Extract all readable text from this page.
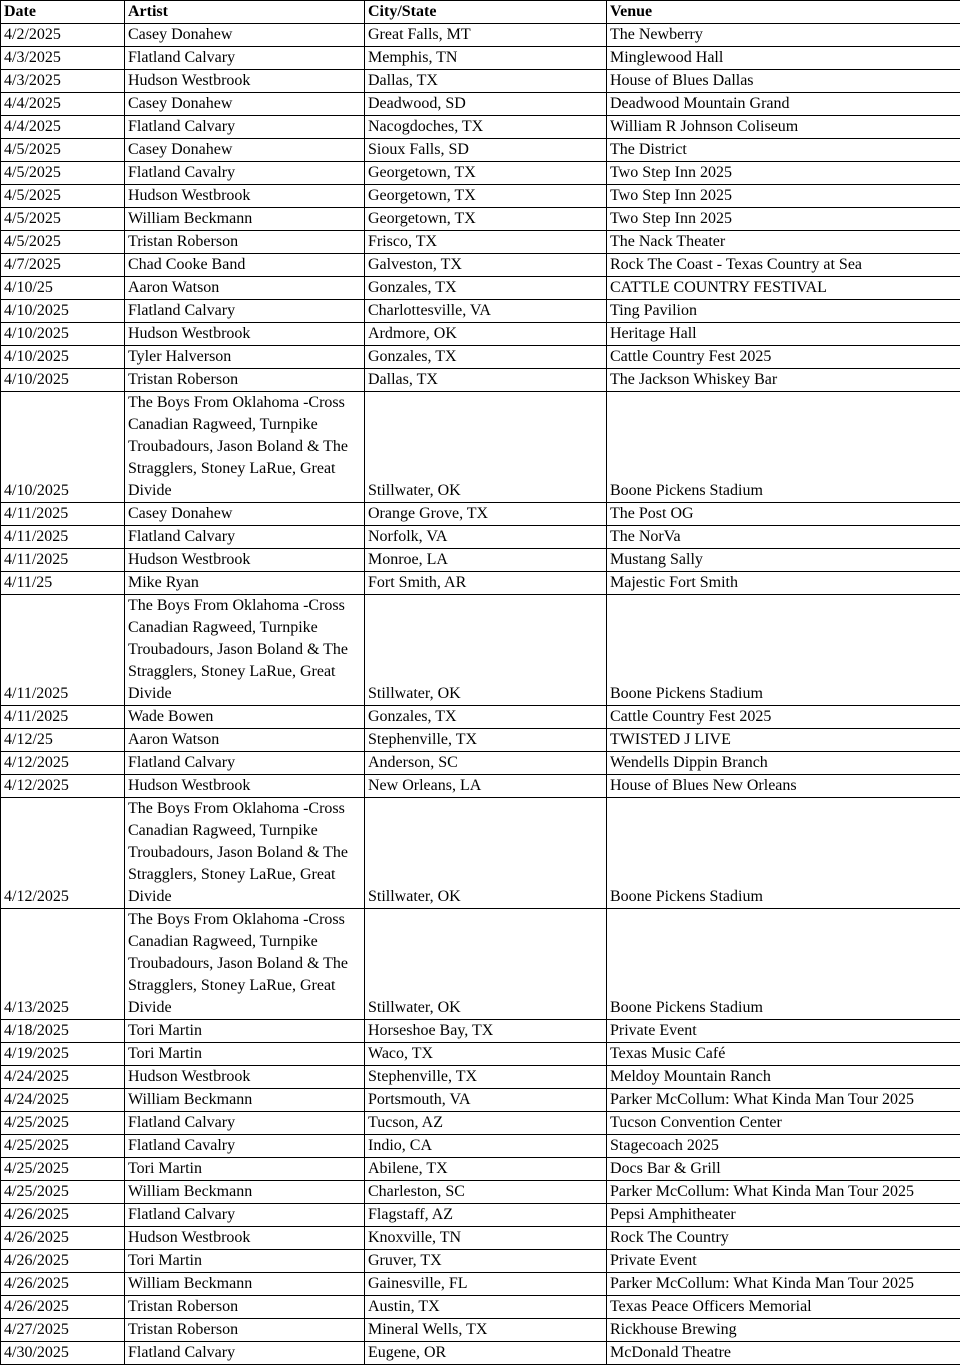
Date	Artist	City/State	Venue
4/2/2025	Casey Donahew	Great Falls, MT	The Newberry
4/3/2025	Flatland Calvary	Memphis, TN	Minglewood Hall
4/3/2025	Hudson Westbrook	Dallas, TX	House of Blues Dallas
4/4/2025	Casey Donahew	Deadwood, SD	Deadwood Mountain Grand
4/4/2025	Flatland Calvary	Nacogdoches, TX	William R Johnson Coliseum
4/5/2025	Casey Donahew	Sioux Falls, SD	The District
4/5/2025	Flatland Cavalry	Georgetown, TX	Two Step Inn 2025
4/5/2025	Hudson Westbrook	Georgetown, TX	Two Step Inn 2025
4/5/2025	William Beckmann	Georgetown, TX	Two Step Inn 2025
4/5/2025	Tristan Roberson	Frisco, TX	The Nack Theater
4/7/2025	Chad Cooke Band	Galveston, TX	Rock The Coast - Texas Country at Sea
4/10/25	Aaron Watson	Gonzales, TX	CATTLE COUNTRY FESTIVAL
4/10/2025	Flatland Calvary	Charlottesville, VA	Ting Pavilion
4/10/2025	Hudson Westbrook	Ardmore, OK	Heritage Hall
4/10/2025	Tyler Halverson	Gonzales, TX	Cattle Country Fest 2025
4/10/2025	Tristan Roberson	Dallas, TX	The Jackson Whiskey Bar
4/10/2025	The Boys From Oklahoma -Cross Canadian Ragweed, Turnpike Troubadours, Jason Boland & The Stragglers, Stoney LaRue, Great Divide	Stillwater, OK	Boone Pickens Stadium
4/11/2025	Casey Donahew	Orange Grove, TX	The Post OG
4/11/2025	Flatland Calvary	Norfolk, VA	The NorVa
4/11/2025	Hudson Westbrook	Monroe, LA	Mustang Sally
4/11/25	Mike Ryan	Fort Smith, AR	Majestic Fort Smith
4/11/2025	The Boys From Oklahoma -Cross Canadian Ragweed, Turnpike Troubadours, Jason Boland & The Stragglers, Stoney LaRue, Great Divide	Stillwater, OK	Boone Pickens Stadium
4/11/2025	Wade Bowen	Gonzales, TX	Cattle Country Fest 2025
4/12/25	Aaron Watson	Stephenville, TX	TWISTED J LIVE
4/12/2025	Flatland Calvary	Anderson, SC	Wendells Dippin Branch
4/12/2025	Hudson Westbrook	New Orleans, LA	House of Blues New Orleans
4/12/2025	The Boys From Oklahoma -Cross Canadian Ragweed, Turnpike Troubadours, Jason Boland & The Stragglers, Stoney LaRue, Great Divide	Stillwater, OK	Boone Pickens Stadium
4/13/2025	The Boys From Oklahoma -Cross Canadian Ragweed, Turnpike Troubadours, Jason Boland & The Stragglers, Stoney LaRue, Great Divide	Stillwater, OK	Boone Pickens Stadium
4/18/2025	Tori Martin	Horseshoe Bay, TX	Private Event
4/19/2025	Tori Martin	Waco, TX	Texas Music Café
4/24/2025	Hudson Westbrook	Stephenville, TX	Meldoy Mountain Ranch
4/24/2025	William Beckmann	Portsmouth, VA	Parker McCollum: What Kinda Man Tour 2025
4/25/2025	Flatland Calvary	Tucson, AZ	Tucson Convention Center
4/25/2025	Flatland Cavalry	Indio, CA	Stagecoach 2025
4/25/2025	Tori Martin	Abilene, TX	Docs Bar & Grill
4/25/2025	William Beckmann	Charleston, SC	Parker McCollum: What Kinda Man Tour 2025
4/26/2025	Flatland Calvary	Flagstaff, AZ	Pepsi Amphitheater
4/26/2025	Hudson Westbrook	Knoxville, TN	Rock The Country
4/26/2025	Tori Martin	Gruver, TX	Private Event
4/26/2025	William Beckmann	Gainesville, FL	Parker McCollum: What Kinda Man Tour 2025
4/26/2025	Tristan Roberson	Austin, TX	Texas Peace Officers Memorial
4/27/2025	Tristan Roberson	Mineral Wells, TX	Rickhouse Brewing
4/30/2025	Flatland Calvary	Eugene, OR	McDonald Theatre
